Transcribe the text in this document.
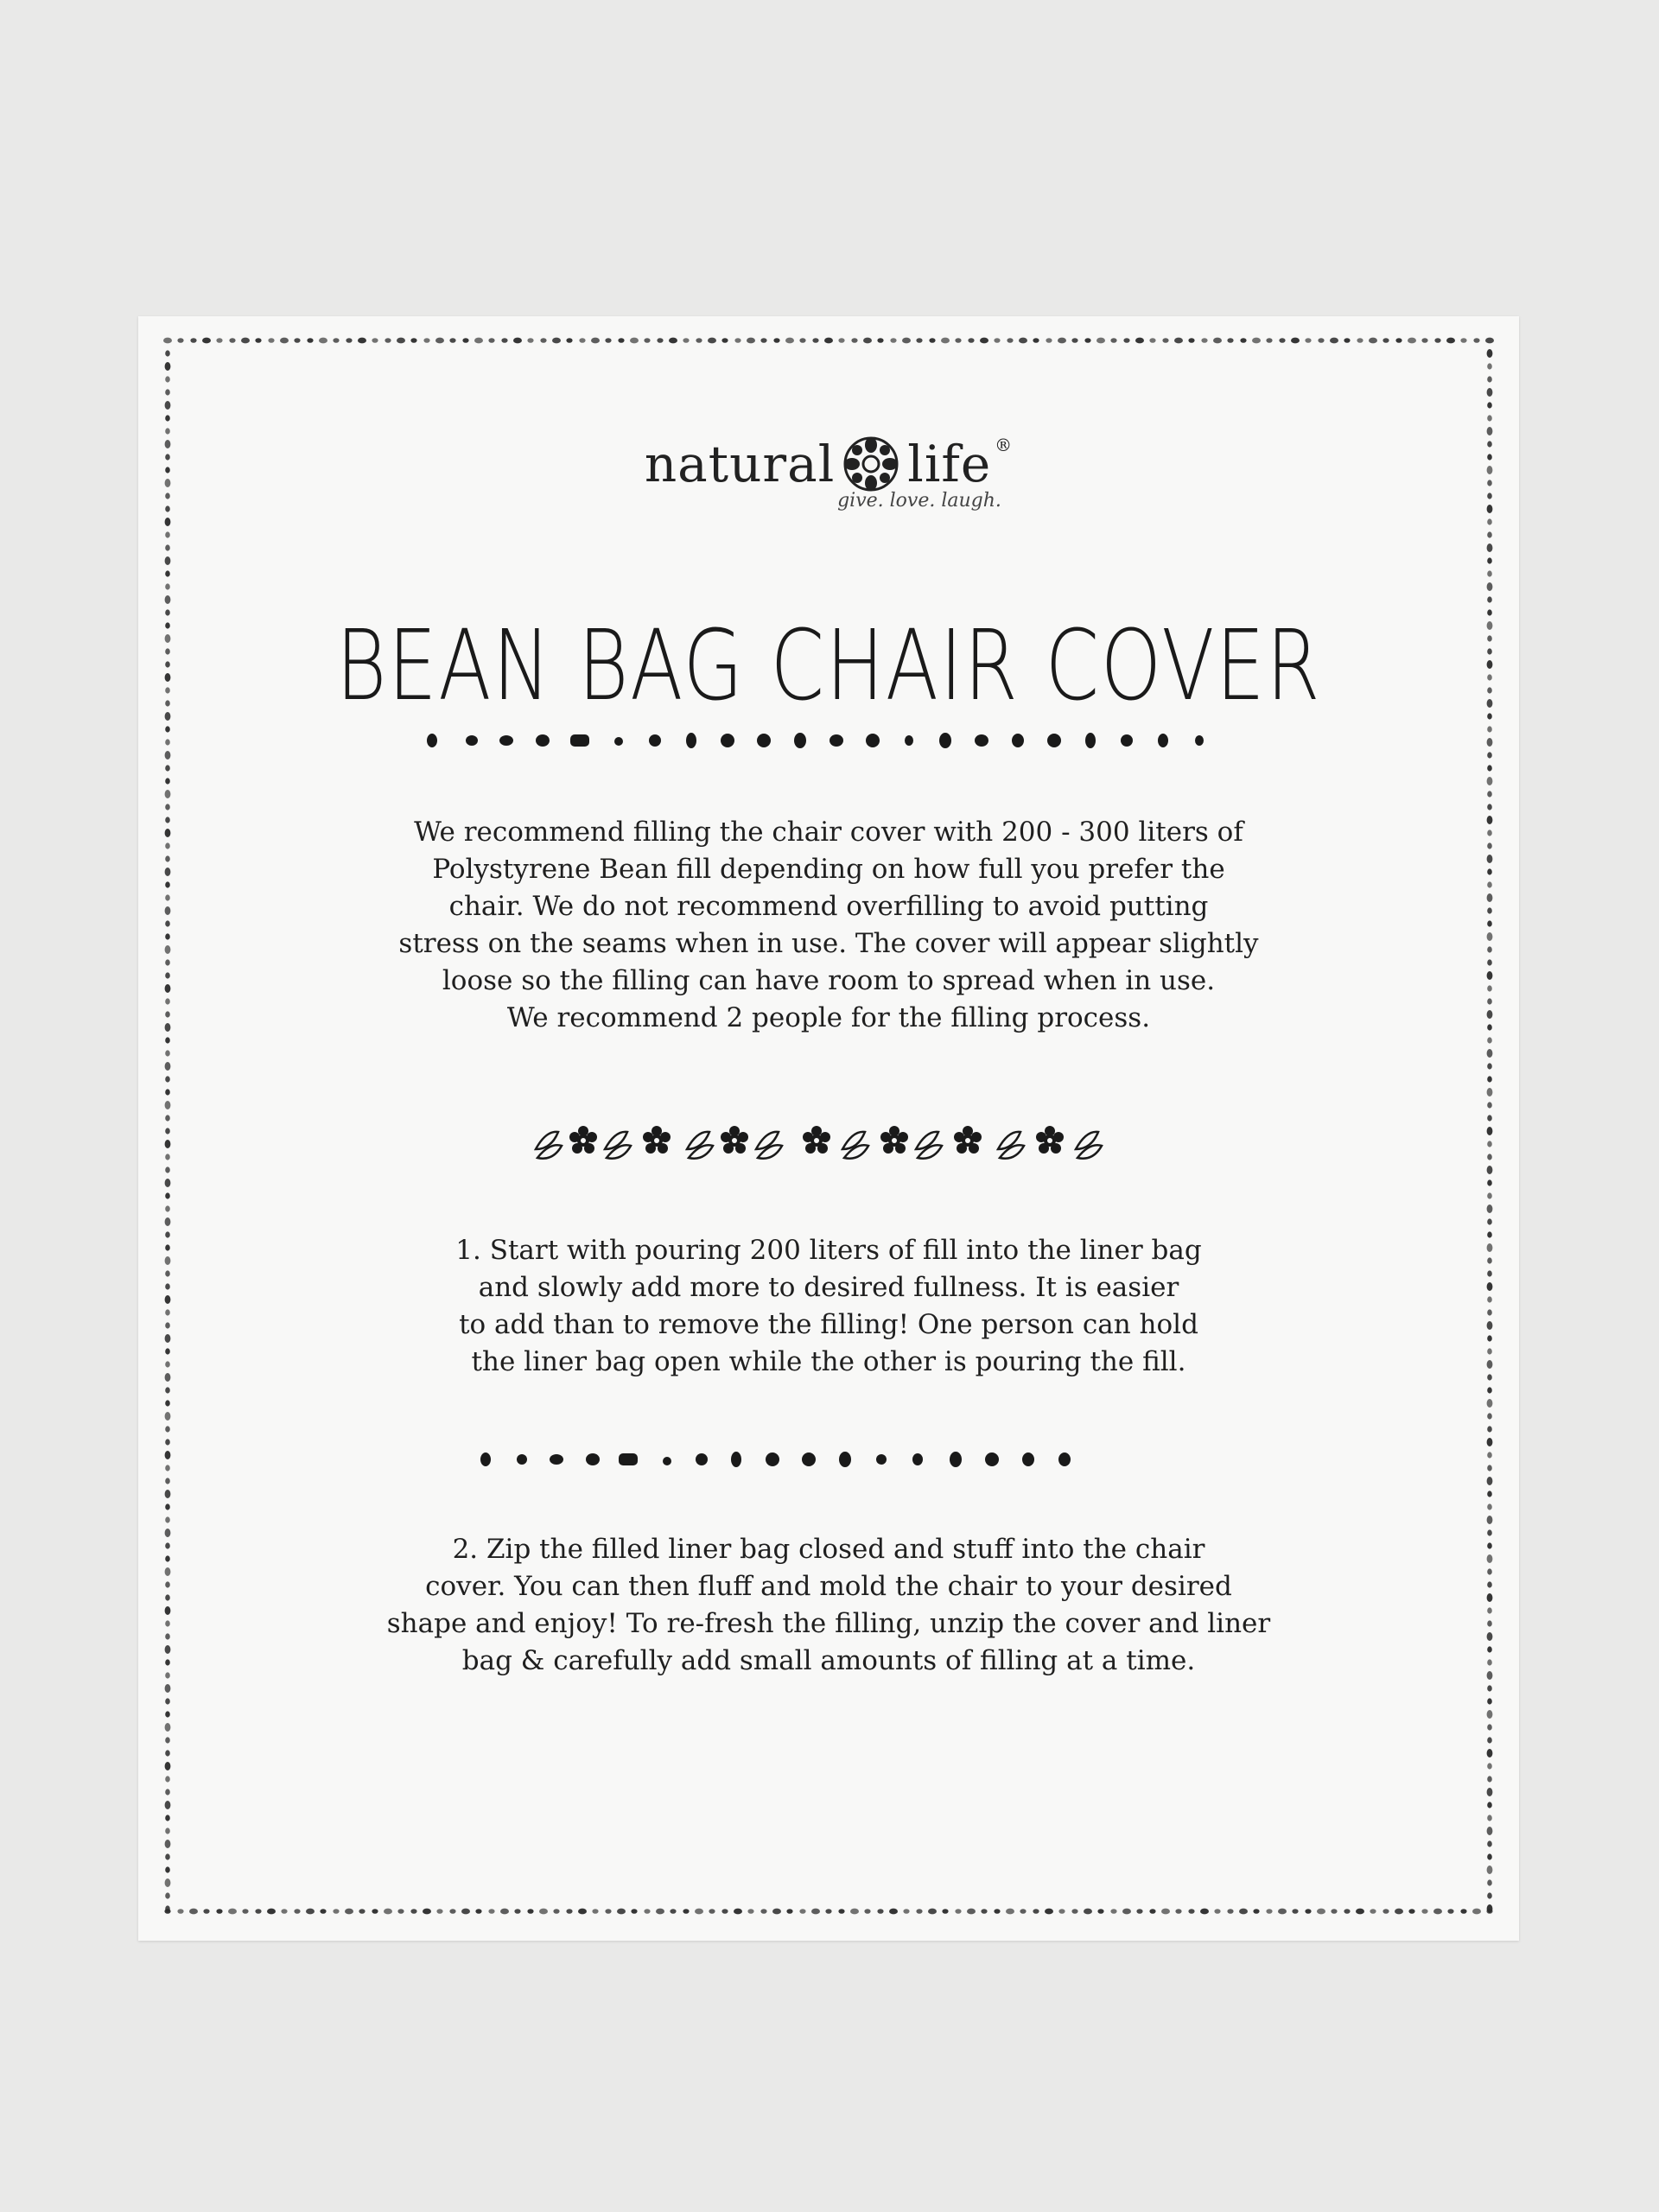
natural life ®
give. love. laugh.
BEAN BAG CHAIR COVER
We recommend filling the chair cover with 200 - 300 liters of
Polystyrene Bean fill depending on how full you prefer the
chair. We do not recommend overfilling to avoid putting
stress on the seams when in use. The cover will appear slightly
loose so the filling can have room to spread when in use.
We recommend 2 people for the filling process.
1. Start with pouring 200 liters of fill into the liner bag
and slowly add more to desired fullness. It is easier
to add than to remove the filling! One person can hold
the liner bag open while the other is pouring the fill.
2. Zip the filled liner bag closed and stuff into the chair
cover. You can then fluff and mold the chair to your desired
shape and enjoy! To re-fresh the filling, unzip the cover and liner
bag & carefully add small amounts of filling at a time.
